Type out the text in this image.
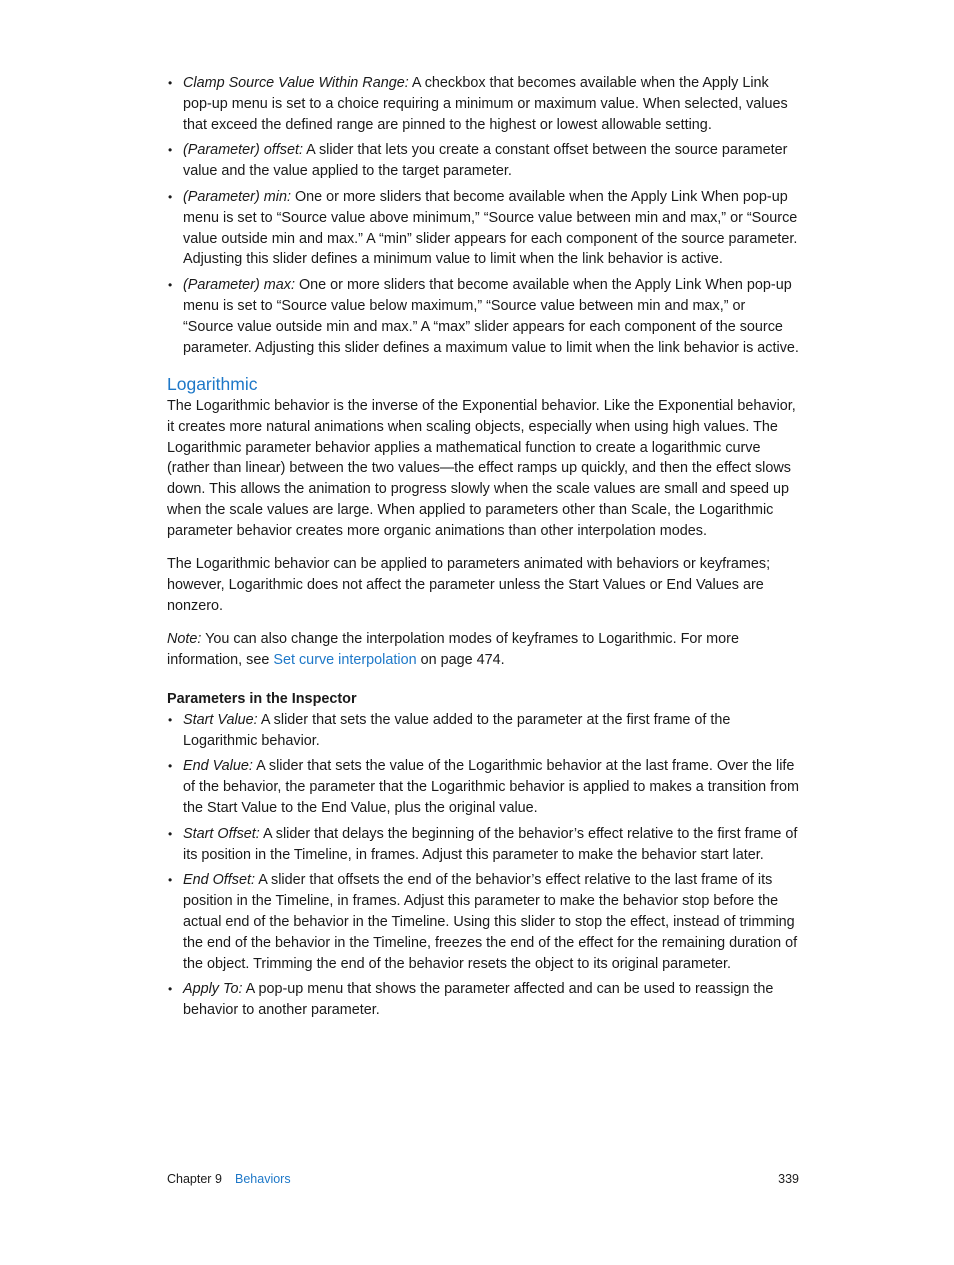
• Clamp Source Value Within Range: A checkbox that becomes available when the Apply Link pop-up menu is set to a choice requiring a minimum or maximum value. When selected, values that exceed the defined range are pinned to the highest or lowest allowable setting.
• (Parameter) offset: A slider that lets you create a constant offset between the source parameter value and the value applied to the target parameter.
• (Parameter) min: One or more sliders that become available when the Apply Link When pop-up menu is set to “Source value above minimum,” “Source value between min and max,” or “Source value outside min and max.” A “min” slider appears for each component of the source parameter. Adjusting this slider defines a minimum value to limit when the link behavior is active.
• (Parameter) max: One or more sliders that become available when the Apply Link When pop-up menu is set to “Source value below maximum,” “Source value between min and max,” or “Source value outside min and max.” A “max” slider appears for each component of the source parameter. Adjusting this slider defines a maximum value to limit when the link behavior is active.
Logarithmic

The Logarithmic behavior is the inverse of the Exponential behavior. Like the Exponential behavior, it creates more natural animations when scaling objects, especially when using high values. The Logarithmic parameter behavior applies a mathematical function to create a logarithmic curve (rather than linear) between the two values—the effect ramps up quickly, and then the effect slows down. This allows the animation to progress slowly when the scale values are small and speed up when the scale values are large. When applied to parameters other than Scale, the Logarithmic parameter behavior creates more organic animations than other interpolation modes.

The Logarithmic behavior can be applied to parameters animated with behaviors or keyframes; however, Logarithmic does not affect the parameter unless the Start Values or End Values are nonzero.

Note: You can also change the interpolation modes of keyframes to Logarithmic. For more information, see Set curve interpolation on page 474.

Parameters in the Inspector
• Start Value: A slider that sets the value added to the parameter at the first frame of the Logarithmic behavior.
• End Value: A slider that sets the value of the Logarithmic behavior at the last frame. Over the life of the behavior, the parameter that the Logarithmic behavior is applied to makes a transition from the Start Value to the End Value, plus the original value.
• Start Offset: A slider that delays the beginning of the behavior’s effect relative to the first frame of its position in the Timeline, in frames. Adjust this parameter to make the behavior start later.
• End Offset: A slider that offsets the end of the behavior’s effect relative to the last frame of its position in the Timeline, in frames. Adjust this parameter to make the behavior stop before the actual end of the behavior in the Timeline. Using this slider to stop the effect, instead of trimming the end of the behavior in the Timeline, freezes the end of the effect for the remaining duration of the object. Trimming the end of the behavior resets the object to its original parameter.
• Apply To: A pop-up menu that shows the parameter affected and can be used to reassign the behavior to another parameter.
Chapter 9 Behaviors	339
